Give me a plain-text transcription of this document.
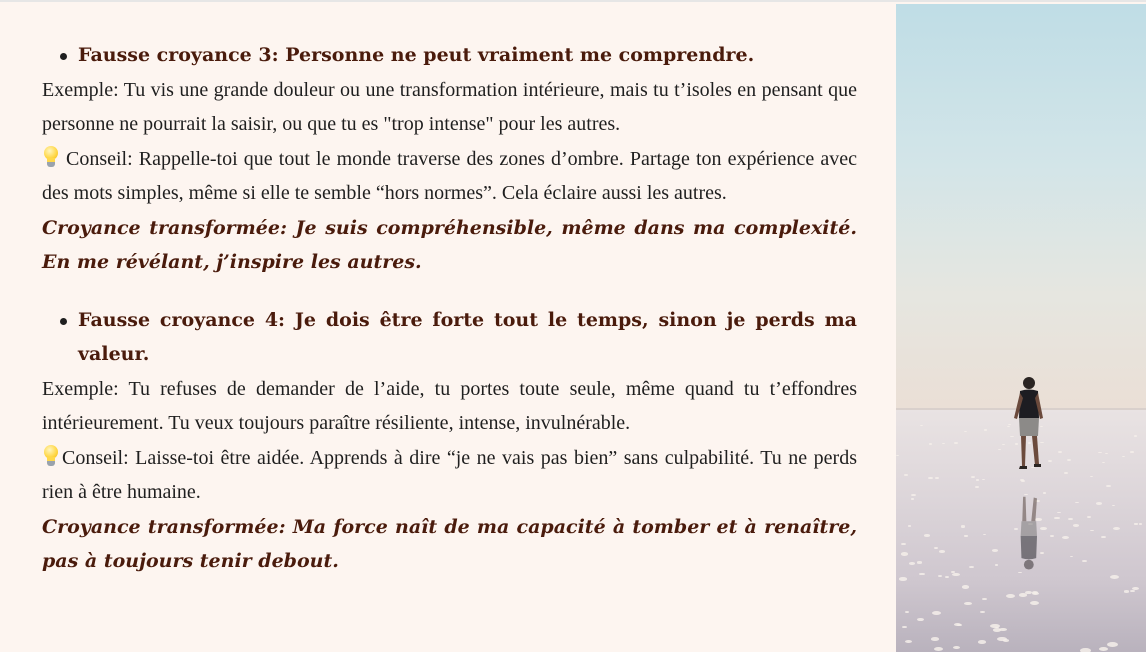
Fausse croyance 3: Personne ne peut vraiment me comprendre.

Exemple: Tu vis une grande douleur ou une transformation intérieure, mais tu t’isoles en pensant que personne ne pourrait la saisir, ou que tu es "trop intense" pour les autres.

Conseil: Rappelle-toi que tout le monde traverse des zones d’ombre. Partage ton expérience avec des mots simples, même si elle te semble “hors normes”. Cela éclaire aussi les autres.

Croyance transformée: Je suis compréhensible, même dans ma complexité. En me révélant, j’inspire les autres.

Fausse croyance 4: Je dois être forte tout le temps, sinon je perds ma valeur.

Exemple: Tu refuses de demander de l’aide, tu portes toute seule, même quand tu t’effondres intérieurement. Tu veux toujours paraître résiliente, intense, invulnérable.

Conseil: Laisse-toi être aidée. Apprends à dire “je ne vais pas bien” sans culpabilité. Tu ne perds rien à être humaine.

Croyance transformée: Ma force naît de ma capacité à tomber et à renaître, pas à toujours tenir debout.
